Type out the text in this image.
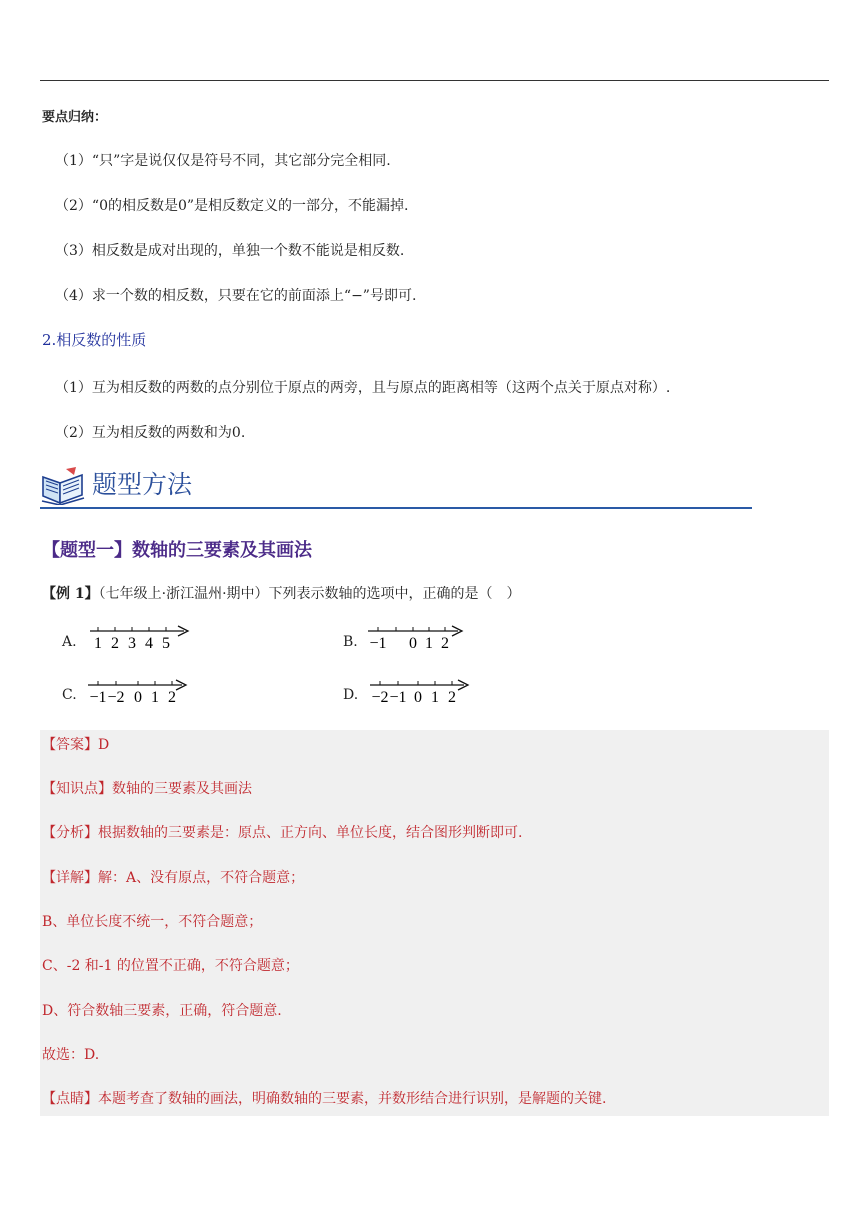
要点归纳：
（1）“只”字是说仅仅是符号不同，其它部分完全相同.
（2）“0的相反数是0”是相反数定义的一部分，不能漏掉.
（3）相反数是成对出现的，单独一个数不能说是相反数.
（4）求一个数的相反数，只要在它的前面添上“−”号即可.
2.相反数的性质
（1）互为相反数的两数的点分别位于原点的两旁，且与原点的距离相等（这两个点关于原点对称）.
（2）互为相反数的两数和为0.
题型方法
【题型一】数轴的三要素及其画法
【例 1】（七年级上·浙江温州·期中）下列表示数轴的选项中，正确的是（　）
A. 1 2 3 4 5	B. −1 0 1 2
C. −1 −2 0 1 2	D. −2 −1 0 1 2
【答案】D
【知识点】数轴的三要素及其画法
【分析】根据数轴的三要素是：原点、正方向、单位长度，结合图形判断即可.
【详解】解：A、没有原点，不符合题意；
B、单位长度不统一，不符合题意；
C、-2 和-1 的位置不正确，不符合题意；
D、符合数轴三要素，正确，符合题意.
故选：D.
【点睛】本题考查了数轴的画法，明确数轴的三要素，并数形结合进行识别，是解题的关键.
